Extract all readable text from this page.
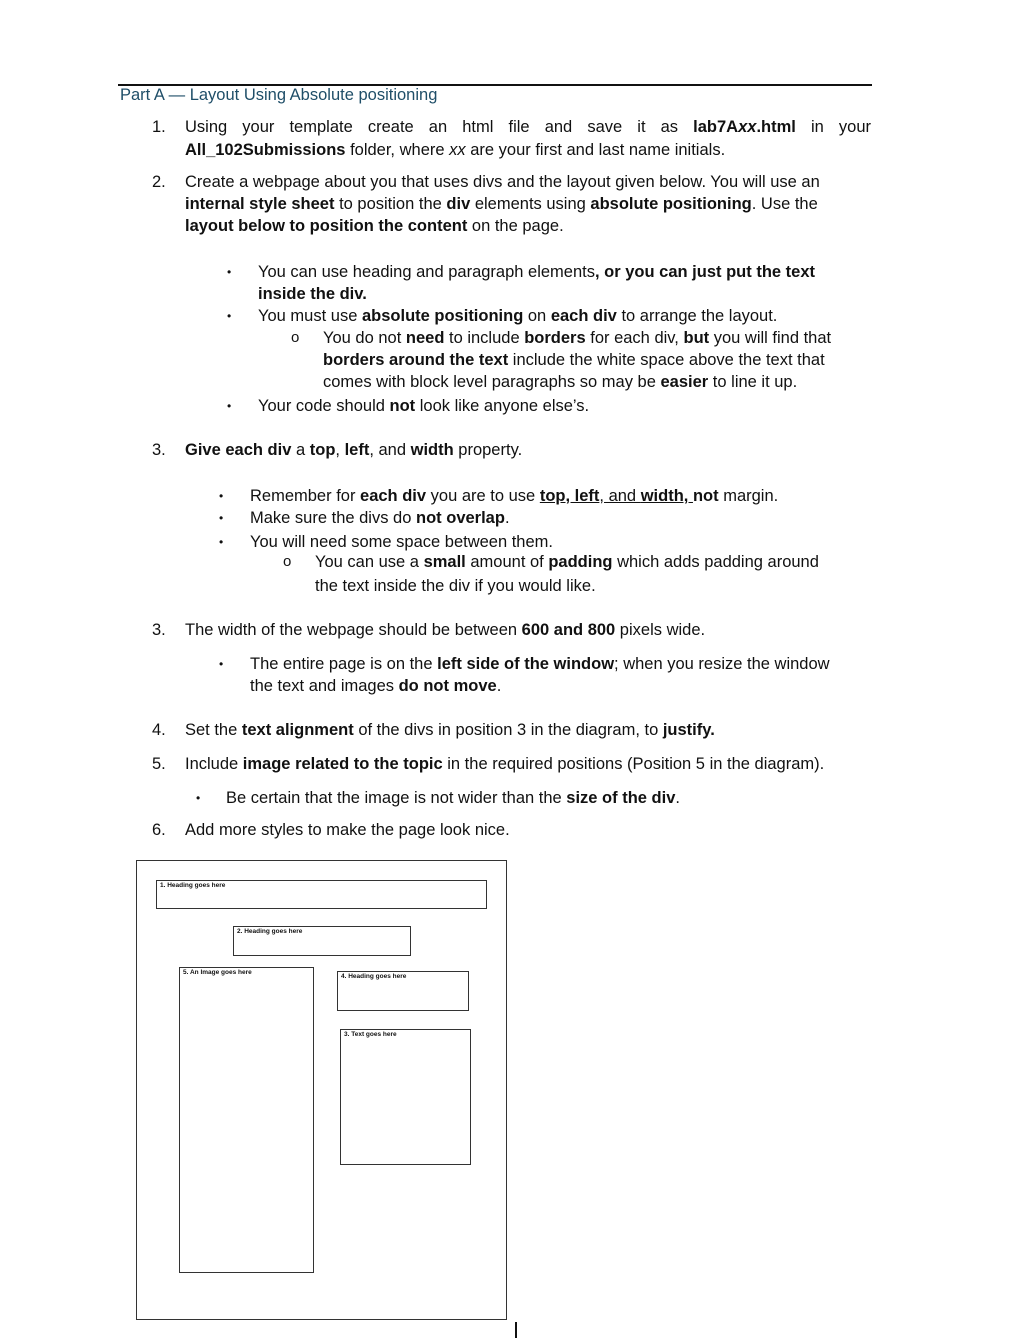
Part A — Layout Using Absolute positioning
1.	Using your template create an html file and save it as lab7Axx.html in your
All_102Submissions folder, where xx are your first and last name initials.
2.	Create a webpage about you that uses divs and the layout given below. You will use an
internal style sheet to position the div elements using absolute positioning. Use the
layout below to position the content on the page.
• You can use heading and paragraph elements, or you can just put the text
inside the div.
• You must use absolute positioning on each div to arrange the layout.
o You do not need to include borders for each div, but you will find that
borders around the text include the white space above the text that
comes with block level paragraphs so may be easier to line it up.
• Your code should not look like anyone else’s.
3.	Give each div a top, left, and width property.
• Remember for each div you are to use top, left, and width, not margin.
• Make sure the divs do not overlap.
• You will need some space between them.
o You can use a small amount of padding which adds padding around
the text inside the div if you would like.
3.	The width of the webpage should be between 600 and 800 pixels wide.
• The entire page is on the left side of the window; when you resize the window
the text and images do not move.
4.	Set the text alignment of the divs in position 3 in the diagram, to justify.
5.	Include image related to the topic in the required positions (Position 5 in the diagram).
• Be certain that the image is not wider than the size of the div.
6.	Add more styles to make the page look nice.
1. Heading goes here
2. Heading goes here
5. An Image goes here
4. Heading goes here
3. Text goes here
